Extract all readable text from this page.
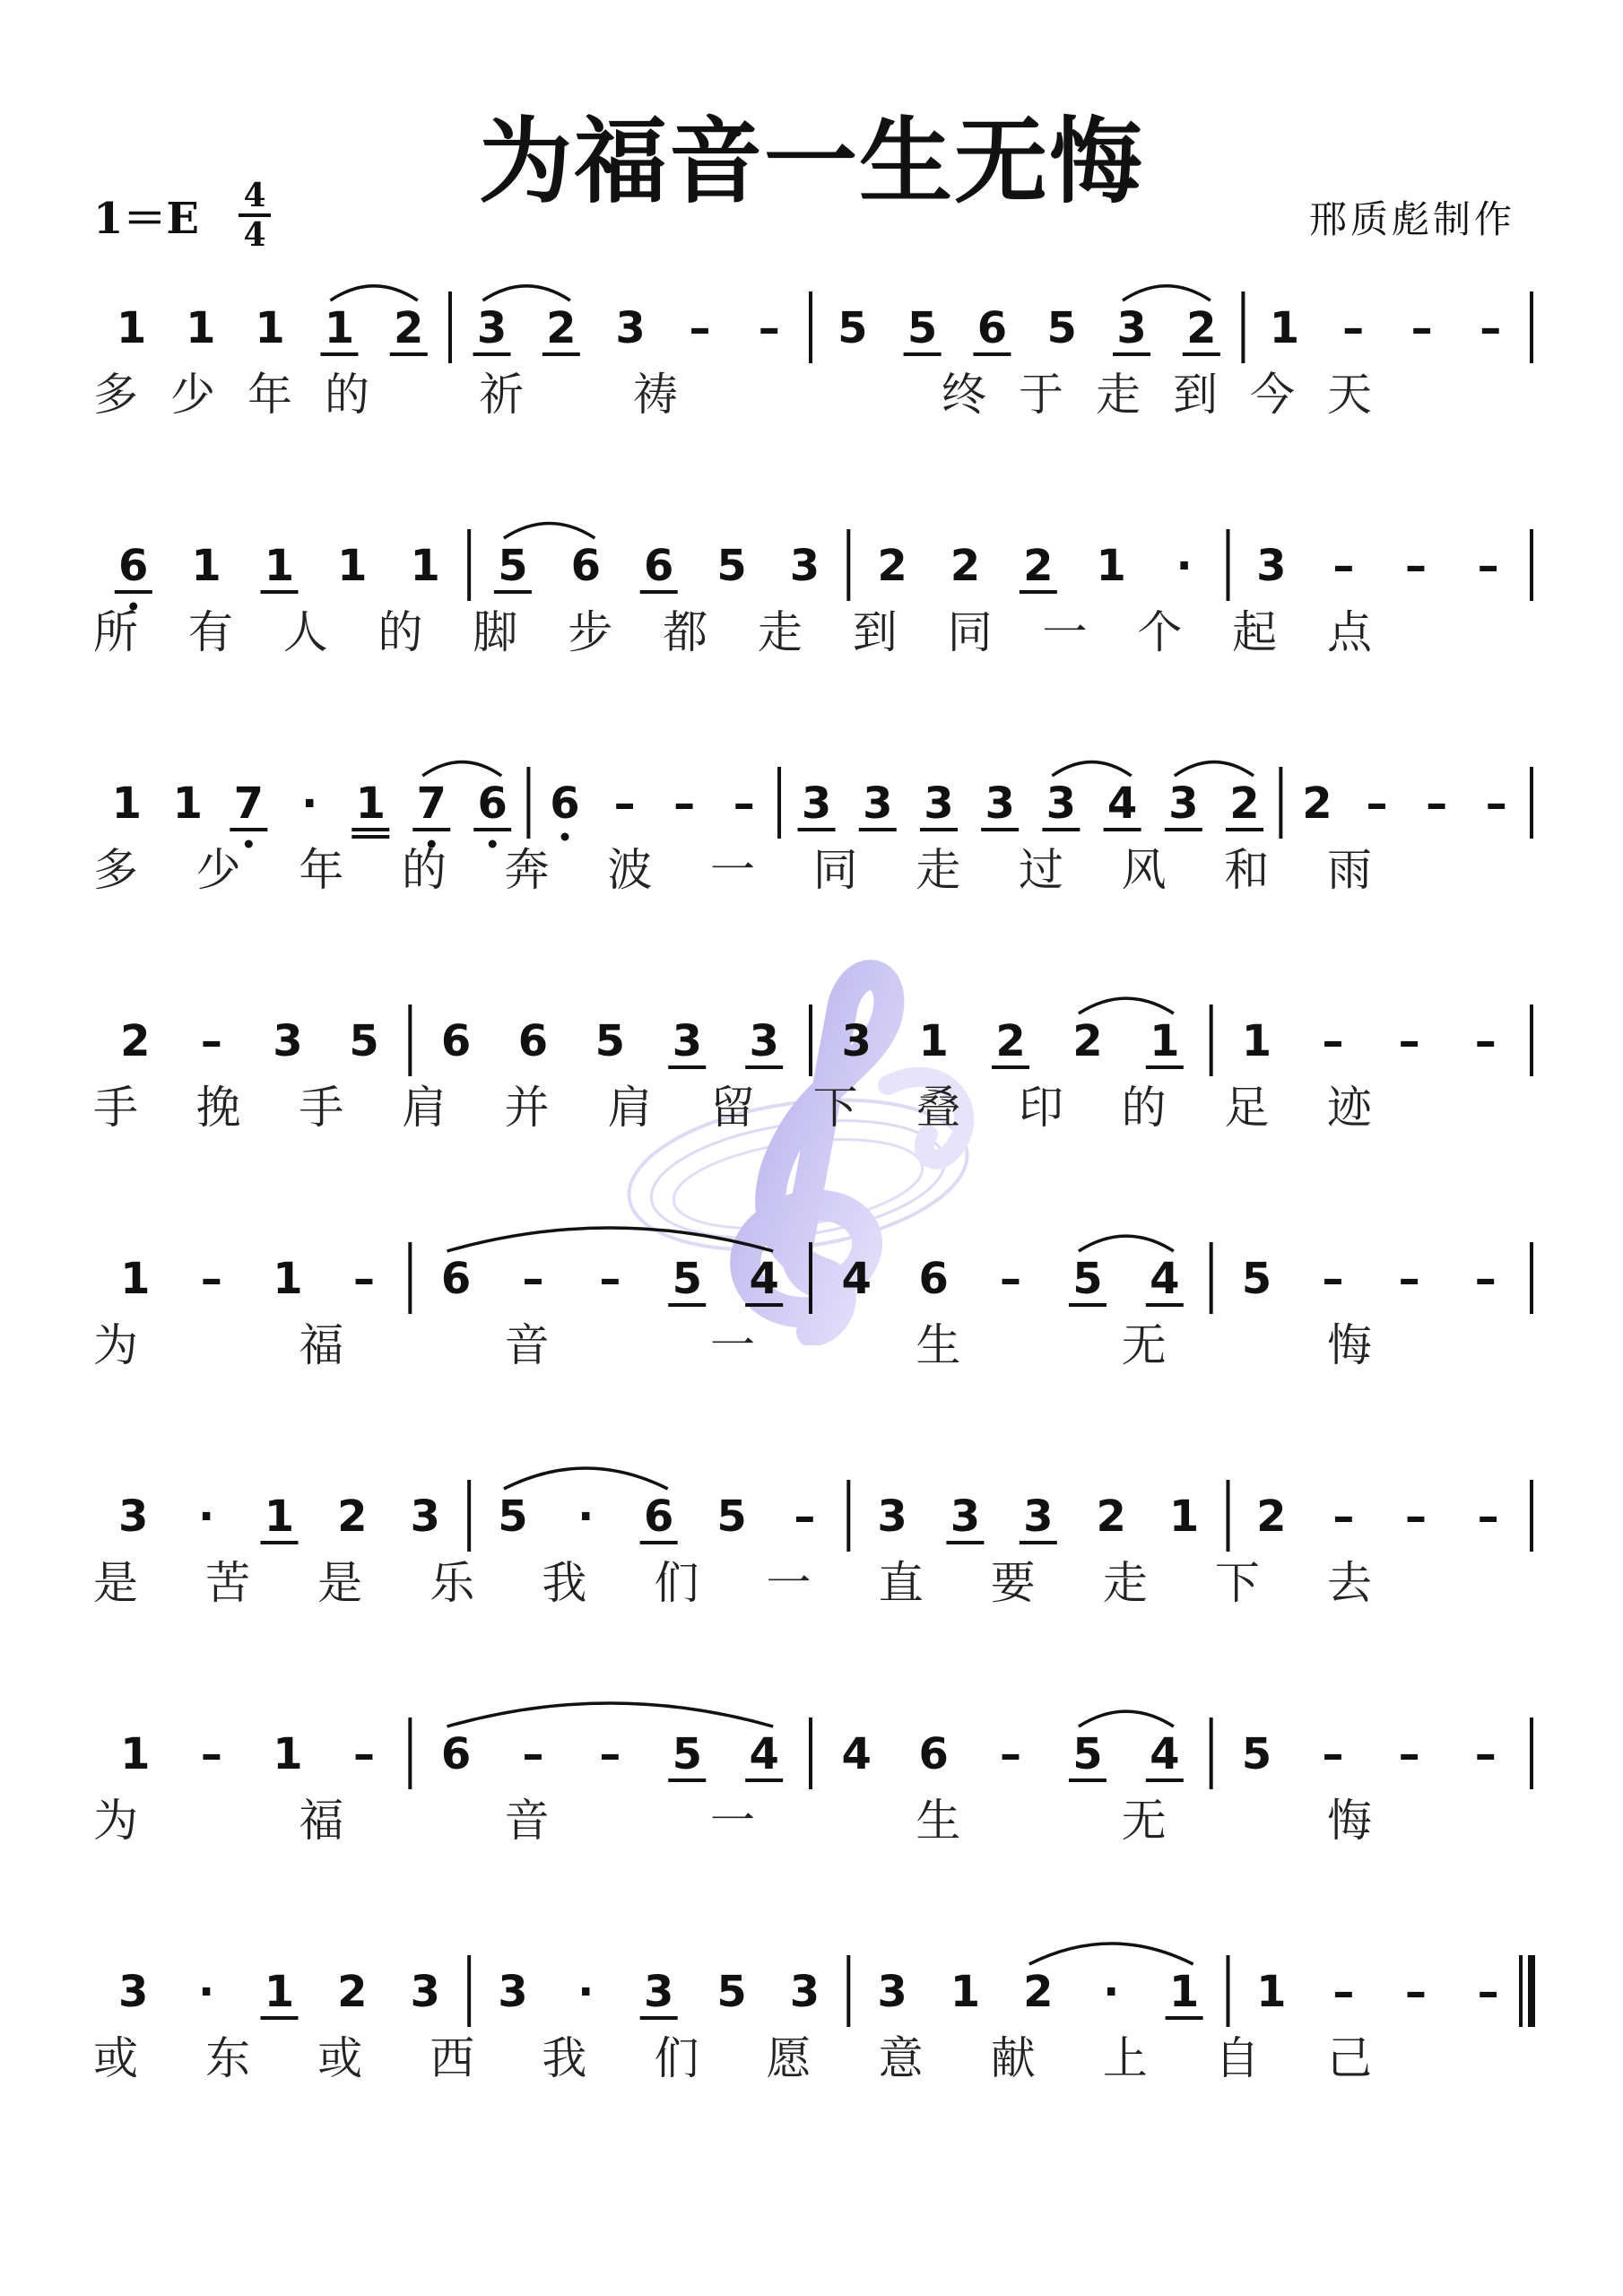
为福音一生无悔
1＝E 4
4	邢质彪制作
1 1 1 1 2 3 2 3 – – 5 5 6 5 3 2 1 – – –
多 少 年 的 祈 祷	终 于 走 到 今 天
6 1 1 1 1 5 6 6 5 3 2 2 2 1 · 3 – – –
所 有 人 的 脚 步 都 走 到 同 一 个 起 点
1 1 7 · 1 7 6 6 – – – 3 3 3 3 3 4 3 2 2 – – –
多 少 年 的 奔 波 一 同 走 过 风 和 雨
2 – 3 5 6 6 5 3 3 3 1 2 2 1 1 – – –
手 挽 手 肩 并 肩 留 下 叠 印 的 足 迹
1 – 1 – 6 – – 5 4 4 6 – 5 4 5 – – –
为	福	音	一	生	无	悔
3 · 1 2 3 5 · 6 5 – 3 3 3 2 1 2 – – –
是 苦 是 乐 我 们 一 直 要 走 下 去
1 – 1 – 6 – – 5 4 4 6 – 5 4 5 – – –
为	福	音	一	生	无	悔
3 · 1 2 3 3 · 3 5 3 3 1 2 · 1 1 – – –
或 东 或 西 我 们 愿 意 献 上 自 己
